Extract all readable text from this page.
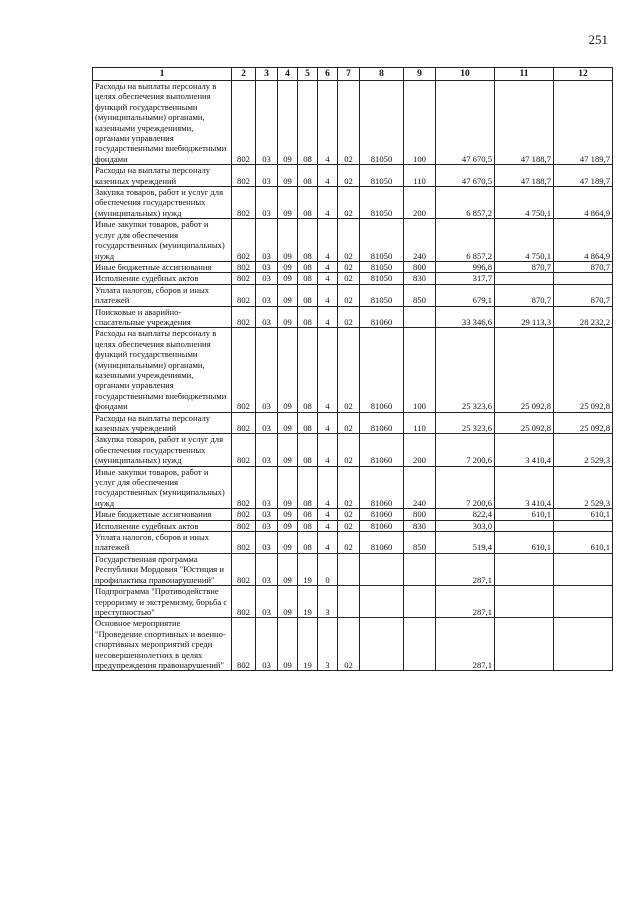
251
1	2	3	4	5	6	7	8	9	10	11	12
Расходы на выплаты персоналу в целях обеспечения выполнения функций государственными (муниципальными) органами, казенными учреждениями, органами управления государственными внебюджетными фондами	802	03	09	08	4	02	81050	100	47 670,5	47 188,7	47 189,7
Расходы на выплаты персоналу казенных учреждений	802	03	09	08	4	02	81050	110	47 670,5	47 188,7	47 189,7
Закупка товаров, работ и услуг для обеспечения государственных (муниципальных) нужд	802	03	09	08	4	02	81050	200	6 857,2	4 750,1	4 864,9
Иные закупки товаров, работ и услуг для обеспечения государственных (муниципальных) нужд	802	03	09	08	4	02	81050	240	6 857,2	4 750,1	4 864,9
Иные бюджетные ассигнования	802	03	09	08	4	02	81050	800	996,8	870,7	870,7
Исполнение судебных актов	802	03	09	08	4	02	81050	830	317,7		
Уплата налогов, сборов и иных платежей	802	03	09	08	4	02	81050	850	679,1	870,7	870,7
Поисковые и аварийно-спасательные учреждения	802	03	09	08	4	02	81060		33 346,6	29 113,3	28 232,2
Расходы на выплаты персоналу в целях обеспечения выполнения функций государственными (муниципальными) органами, казенными учреждениями, органами управления государственными внебюджетными фондами	802	03	09	08	4	02	81060	100	25 323,6	25 092,8	25 092,8
Расходы на выплаты персоналу казенных учреждений	802	03	09	08	4	02	81060	110	25 323,6	25 092,8	25 092,8
Закупка товаров, работ и услуг для обеспечения государственных (муниципальных) нужд	802	03	09	08	4	02	81060	200	7 200,6	3 410,4	2 529,3
Иные закупки товаров, работ и услуг для обеспечения государственных (муниципальных) нужд	802	03	09	08	4	02	81060	240	7 200,6	3 410,4	2 529,3
Иные бюджетные ассигнования	802	03	09	08	4	02	81060	800	822,4	610,1	610,1
Исполнение судебных актов	802	03	09	08	4	02	81060	830	303,0		
Уплата налогов, сборов и иных платежей	802	03	09	08	4	02	81060	850	519,4	610,1	610,1
Государственная программа Республики Мордовия "Юстиция и профилактика правонарушений"	802	03	09	19	0				287,1		
Подпрограмма "Противодействие терроризму и экстремизму, борьба с преступностью"	802	03	09	19	3				287,1		
Основное мероприятие "Проведение спортивных и военно-спортивных мероприятий среди несовершеннолетних в целях предупреждения правонарушений"	802	03	09	19	3	02			287,1		
